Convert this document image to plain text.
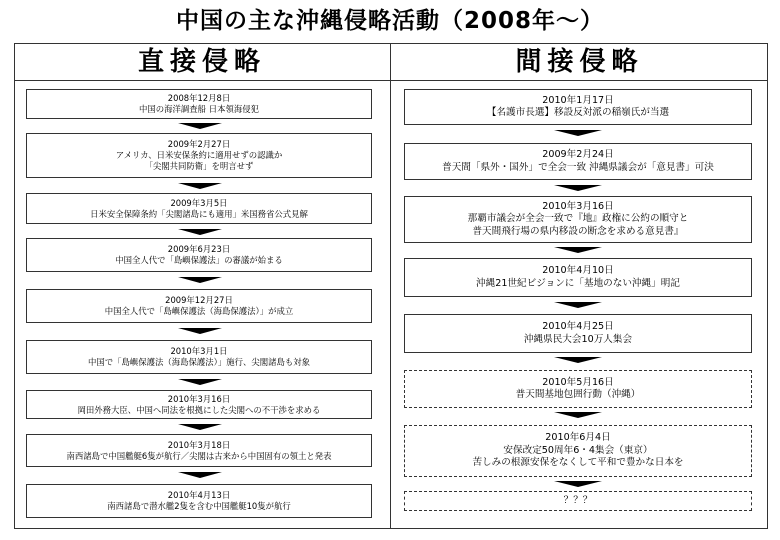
中国の主な沖縄侵略活動（2008年～）
直接侵略	間接侵略
2008年12月8日
中国の海洋調査船 日本領海侵犯
2009年2月27日
アメリカ、日米安保条約に適用せずの認識か
「尖閣共同防衛」を明言せず
2009年3月5日
日米安全保障条約「尖閣諸島にも適用」米国務省公式見解
2009年6月23日
中国全人代で「島嶼保護法」の審議が始まる
2009年12月27日
中国全人代で「島嶼保護法（海島保護法）」が成立
2010年3月1日
中国で「島嶼保護法（海島保護法）」施行、尖閣諸島も対象
2010年3月16日
岡田外務大臣、中国へ同法を根拠にした尖閣への不干渉を求める
2010年3月18日
南西諸島で中国艦艇6隻が航行／尖閣は古来から中国固有の領土と発表
2010年4月13日
南西諸島で潜水艦2隻を含む中国艦艇10隻が航行
2010年1月17日
【名護市長選】移設反対派の稲嶺氏が当選
2009年2月24日
普天間「県外・国外」で全会一致 沖縄県議会が「意見書」可決
2010年3月16日
那覇市議会が全会一致で『地』政権に公約の順守と
普天間飛行場の県内移設の断念を求める意見書』
2010年4月10日
沖縄21世紀ビジョンに「基地のない沖縄」明記
2010年4月25日
沖縄県民大会10万人集会
2010年5月16日
普天間基地包囲行動（沖縄）
2010年6月4日
安保改定50周年6・4集会（東京）
苦しみの根源安保をなくして平和で豊かな日本を
？？？
